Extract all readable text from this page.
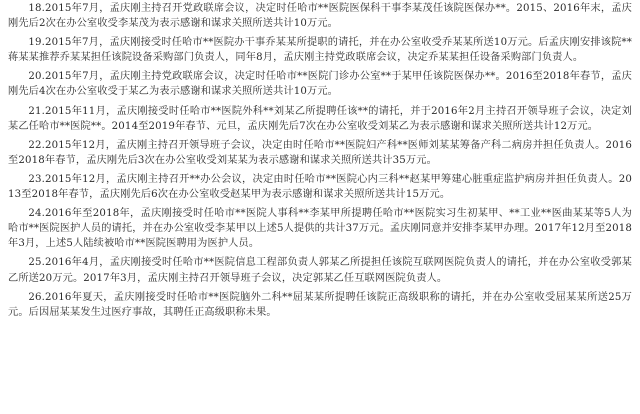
18.2015年7月，孟庆刚主持召开党政联席会议，决定时任哈市**医院医保科干事李某茂任该院医保办**。2015、2016年末，孟庆刚先后2次在办公室收受李某茂为表示感谢和谋求关照所送共计10万元。

19.2015年7月，孟庆刚接受时任哈市**医院办干事乔某某所提职的请托，并在办公室收受乔某某所送10万元。后孟庆刚安排该院**蒋某某推荐乔某某担任该院设备采购部门负责人，同年8月，孟庆刚主持党政联席会议，决定乔某某担任设备采购部门负责人。

20.2015年7月，孟庆刚主持党政联席会议，决定时任哈市**医院门诊办公室**于某甲任该院医保办**。2016至2018年春节，孟庆刚先后4次在办公室收受于某乙为表示感谢和谋求关照所送共计10万元。

21.2015年11月，孟庆刚接受时任哈市**医院外科**刘某乙所提聘任该**的请托，并于2016年2月主持召开领导班子会议，决定刘某乙任哈市**医院**。2014至2019年春节、元旦，孟庆刚先后7次在办公室收受刘某乙为表示感谢和谋求关照所送共计12万元。

22.2015年12月，孟庆刚主持召开领导班子会议，决定由时任哈市**医院妇产科**医师刘某某筹备产科二病房并担任负责人。2016至2018年春节，孟庆刚先后3次在办公室收受刘某某为表示感谢和谋求关照所送共计35万元。

23.2015年12月，孟庆刚主持召开**办公会议，决定由时任哈市**医院心内三科**赵某甲筹建心脏重症监护病房并担任负责人。2013至2018年春节，孟庆刚先后6次在办公室收受赵某甲为表示感谢和谋求关照所送共计15万元。

24.2016年至2018年，孟庆刚接受时任哈市**医院人事科**李某甲所提聘任哈市**医院实习生初某甲、**工业**医曲某某等5人为哈市**医院医护人员的请托，并在办公室收受李某甲以上述5人提供的共计37万元。孟庆刚同意并安排李某甲办理。2017年12月至2018年3月，上述5人陆续被哈市**医院医聘用为医护人员。

25.2016年4月，孟庆刚接受时任哈市**医院信息工程部负责人郭某乙所提担任该院互联网医院负责人的请托，并在办公室收受郭某乙所送20万元。2017年3月，孟庆刚主持召开领导班子会议，决定郭某乙任互联网医院负责人。

26.2016年夏天，孟庆刚接受时任哈市**医院脑外二科**屈某某所提聘任该院正高级职称的请托，并在办公室收受屈某某所送25万元。后因屈某某发生过医疗事故，其聘任正高级职称未果。
